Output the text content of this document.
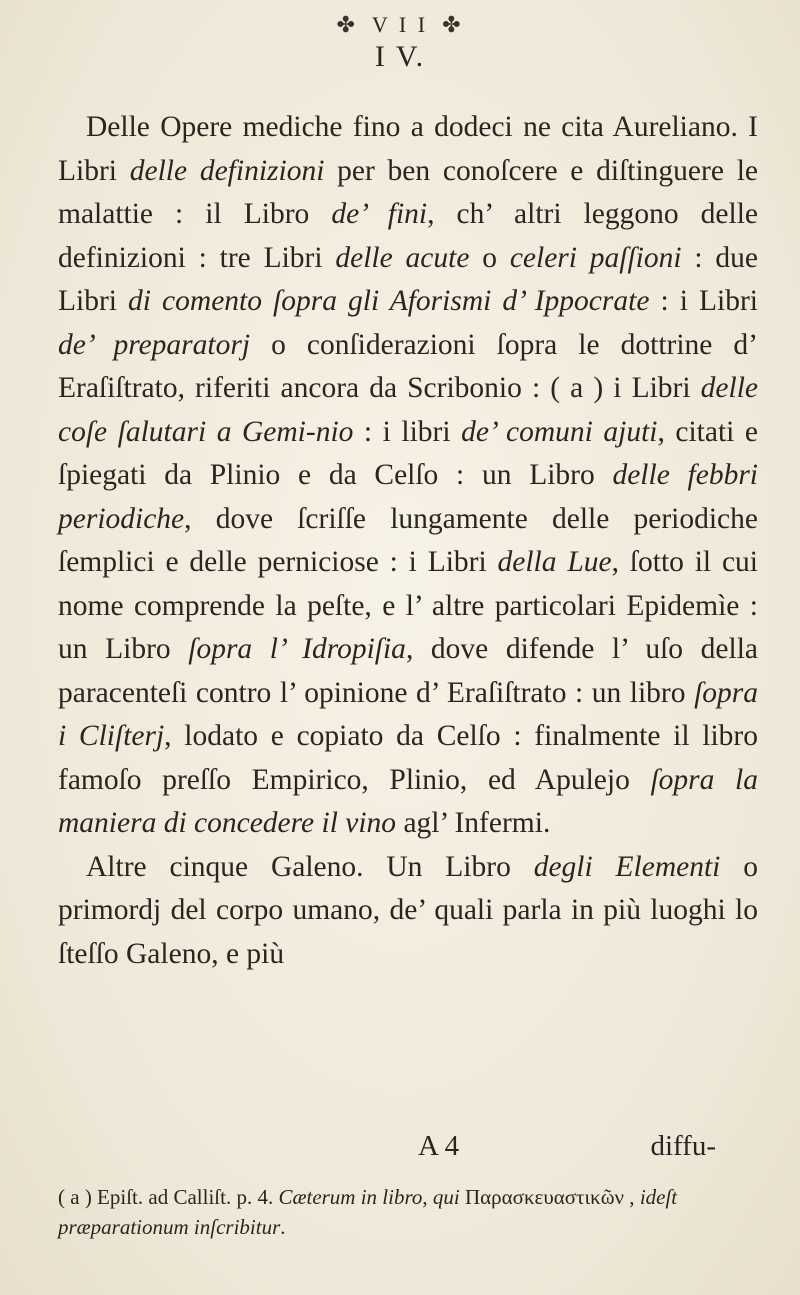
✤ V I I ✤
I V.

Delle Opere mediche fino a dodeci ne cita Aureliano. I Libri delle definizioni per ben conoſcere e diſtinguere le malattie : il Libro de’ fini, ch’ altri leggono delle definizioni : tre Libri delle acute o celeri paſſioni : due Libri di comento ſopra gli Aforismi d’ Ippocrate : i Libri de’ preparatorj o conſiderazioni ſopra le dottrine d’ Eraſiſtrato, riferiti ancora da Scribonio : ( a ) i Libri delle coſe ſalutari a Gemi-nio : i libri de’ comuni ajuti, citati e ſpiegati da Plinio e da Celſo : un Libro delle febbri periodiche, dove ſcriſſe lungamente delle periodiche ſemplici e delle perniciose : i Libri della Lue, ſotto il cui nome comprende la peſte, e l’ altre particolari Epidemìe : un Libro ſopra l’ Idropiſia, dove difende l’ uſo della paracenteſi contro l’ opinione d’ Eraſiſtrato : un libro ſopra i Cliſterj, lodato e copiato da Celſo : finalmente il libro famoſo preſſo Empirico, Plinio, ed Apulejo ſopra la maniera di concedere il vino agl’ Infermi.

Altre cinque Galeno. Un Libro degli Elementi o primordj del corpo umano, de’ quali parla in più luoghi lo ſteſſo Galeno, e più

A 4	diffu-
( a ) Epiſt. ad Calliſt. p. 4. Cæterum in libro, qui Παρασκευαστικῶν , ideſt præparationum inſcribitur.
